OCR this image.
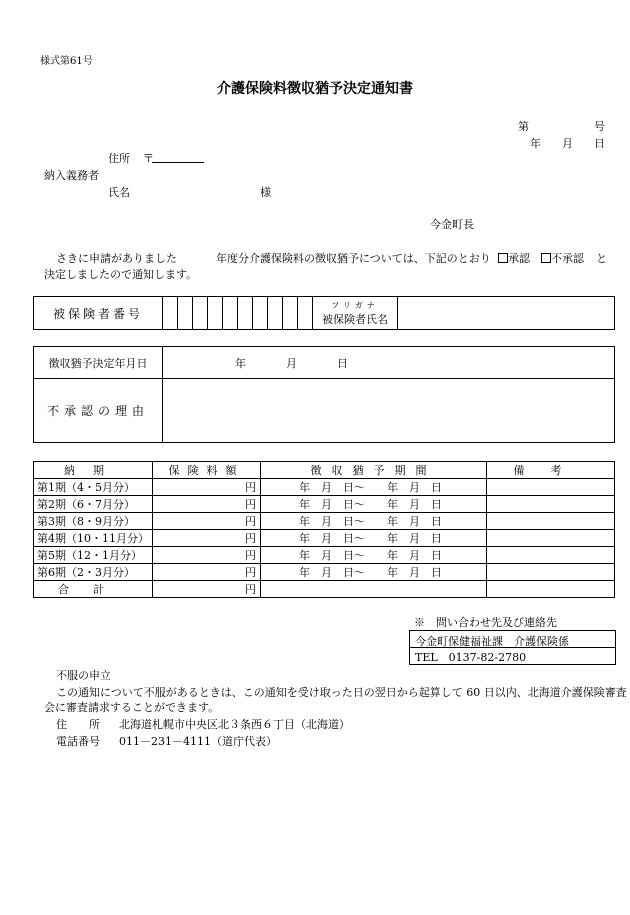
様式第61号
介護保険料徴収猶予決定通知書
第	号
年 月 日
住所 〒
納入義務者
氏名	様
今金町長
さきに申請がありました	年度分介護保険料の徴収猶予については、下記のとおり	承認	不承認 と
決定しましたので通知します。
被保険者番号											
フリガナ
被保険者氏名

徴収猶予決定年月日	年 月 日
不承認の理由	
納期	保険料額	徴収猶予期間	備考
第1期（4・5月分）	円	年　月　日～　　年　月　日	
第2期（6・7月分）	円	年　月　日～　　年　月　日	
第3期（8・9月分）	円	年　月　日～　　年　月　日	
第4期（10・11月分）	円	年　月　日～　　年　月　日	
第5期（12・1月分）	円	年　月　日～　　年　月　日	
第6期（2・3月分）	円	年　月　日～　　年　月　日	
合計	円		
※　問い合わせ先及び連絡先
今金町保健福祉課　介護保険係
TEL　0137-82-2780
不服の申立
この通知について不服があるときは、この通知を受け取った日の翌日から起算して 60 日以内、北海道介護保険審査
会に審査請求することができます。
住　　所 北海道札幌市中央区北３条西６丁目（北海道）
電話番号 011－231－4111（道庁代表）
